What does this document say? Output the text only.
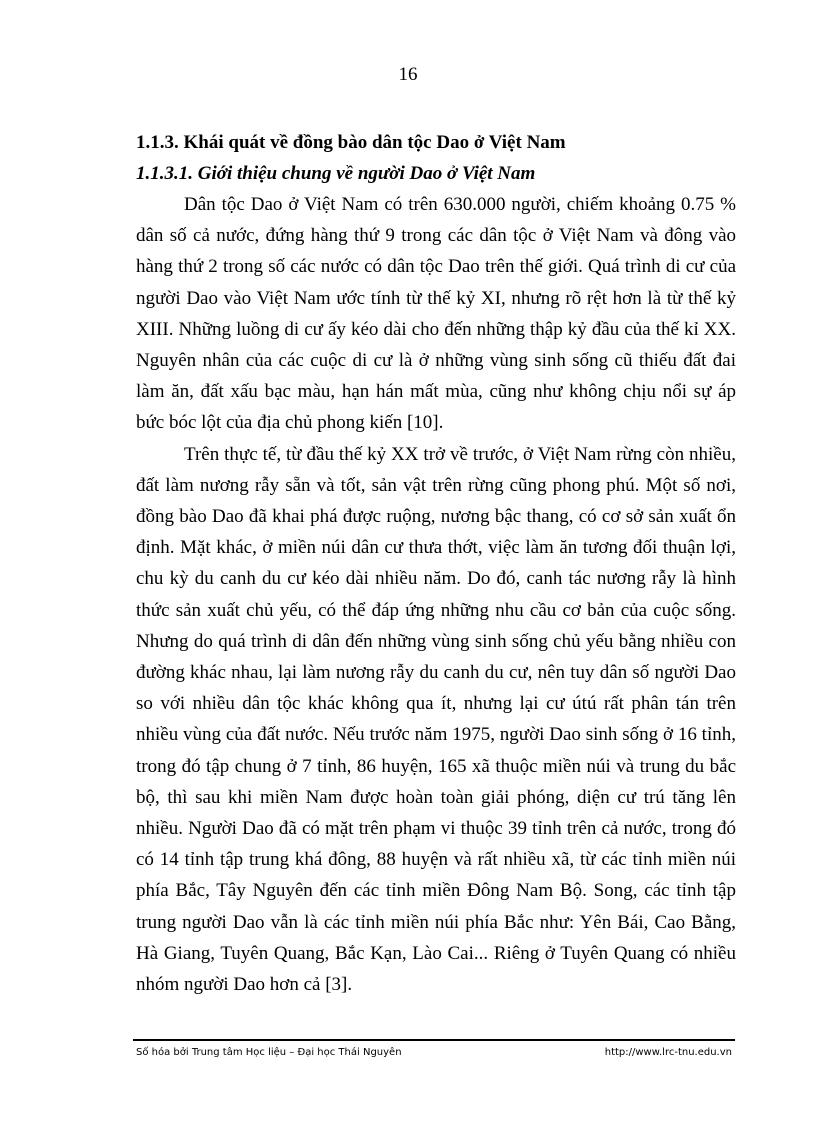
16

1.1.3. Khái quát về đồng bào dân tộc Dao ở Việt Nam

1.1.3.1. Giới thiệu chung về người Dao ở Việt Nam

Dân tộc Dao ở Việt Nam có trên 630.000 người, chiếm khoảng 0.75 % dân số cả nước, đứng hàng thứ 9 trong các dân tộc ở Việt Nam và đông vào hàng thứ 2 trong số các nước có dân tộc Dao trên thế giới. Quá trình di cư của người Dao vào Việt Nam ước tính từ thế kỷ XI, nhưng rõ rệt hơn là từ thế kỷ XIII. Những luồng di cư ấy kéo dài cho đến những thập kỷ đầu của thế kỉ XX. Nguyên nhân của các cuộc di cư là ở những vùng sinh sống cũ thiếu đất đai làm ăn, đất xấu bạc màu, hạn hán mất mùa, cũng như không chịu nổi sự áp bức bóc lột của địa chủ phong kiến [10].

Trên thực tế, từ đầu thế kỷ XX trở về trước, ở Việt Nam rừng còn nhiều, đất làm nương rẫy sẵn và tốt, sản vật trên rừng cũng phong phú. Một số nơi, đồng bào Dao đã khai phá được ruộng, nương bậc thang, có cơ sở sản xuất ổn định. Mặt khác, ở miền núi dân cư thưa thớt, việc làm ăn tương đối thuận lợi, chu kỳ du canh du cư kéo dài nhiều năm. Do đó, canh tác nương rẫy là hình thức sản xuất chủ yếu, có thể đáp ứng những nhu cầu cơ bản của cuộc sống. Nhưng do quá trình di dân đến những vùng sinh sống chủ yếu bằng nhiều con đường khác nhau, lại làm nương rẫy du canh du cư, nên tuy dân số người Dao so với nhiều dân tộc khác không qua ít, nhưng lại cư útú rất phân tán trên nhiều vùng của đất nước. Nếu trước năm 1975, người Dao sinh sống ở 16 tỉnh, trong đó tập chung ở 7 tỉnh, 86 huyện, 165 xã thuộc miền núi và trung du bắc bộ, thì sau khi miền Nam được hoàn toàn giải phóng, diện cư trú tăng lên nhiều. Người Dao đã có mặt trên phạm vi thuộc 39 tỉnh trên cả nước, trong đó có 14 tỉnh tập trung khá đông, 88 huyện và rất nhiều xã, từ các tỉnh miền núi phía Bắc, Tây Nguyên đến các tỉnh miền Đông Nam Bộ. Song, các tỉnh tập trung người Dao vẫn là các tỉnh miền núi phía Bắc như: Yên Bái, Cao Bằng, Hà Giang, Tuyên Quang, Bắc Kạn, Lào Cai... Riêng ở Tuyên Quang có nhiều nhóm người Dao hơn cả [3].

Số hóa bởi Trung tâm Học liệu – Đại học Thái Nguyên	http://www.lrc-tnu.edu.vn
